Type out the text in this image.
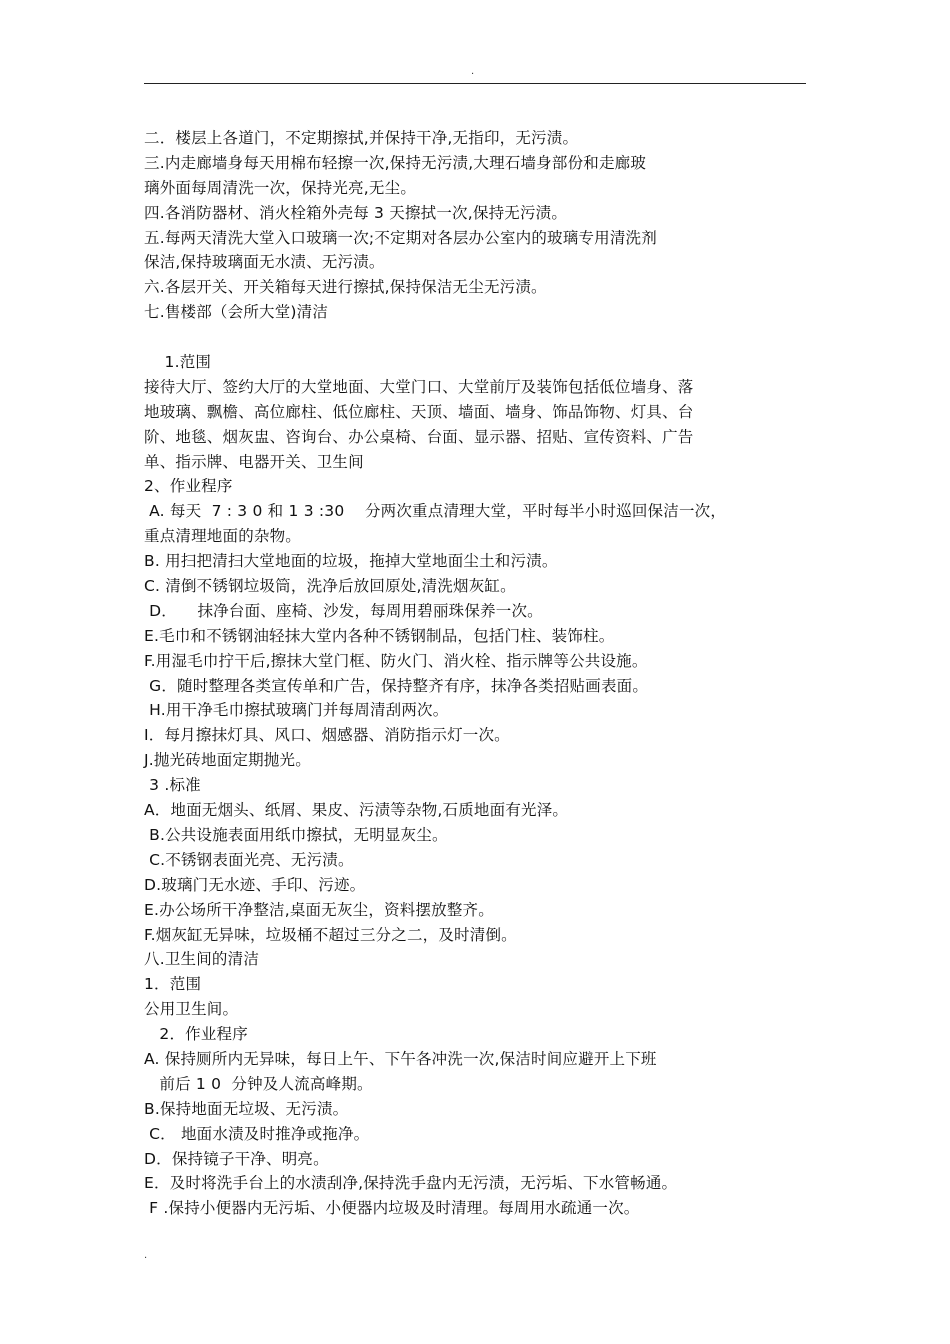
.
二．楼层上各道门，不定期擦拭,并保持干净,无指印，无污渍。
三.内走廊墙身每天用棉布轻擦一次,保持无污渍,大理石墙身部份和走廊玻
璃外面每周清洗一次，保持光亮,无尘。
四.各消防器材、消火栓箱外壳每 3 天擦拭一次,保持无污渍。
五.每两天清洗大堂入口玻璃一次;不定期对各层办公室内的玻璃专用清洗剂
保洁,保持玻璃面无水渍、无污渍。
六.各层开关、开关箱每天进行擦拭,保持保洁无尘无污渍。
七.售楼部（会所大堂)清洁
1.范围
接待大厅、签约大厅的大堂地面、大堂门口、大堂前厅及装饰包括低位墙身、落
地玻璃、飘檐、高位廊柱、低位廊柱、天顶、墙面、墙身、饰品饰物、灯具、台
阶、地毯、烟灰盅、咨询台、办公桌椅、台面、显示器、招贴、宣传资料、广告
单、指示牌、电器开关、卫生间
2、作业程序
A. 每天  7 : 3 0 和 1 3 :30    分两次重点清理大堂，平时每半小时巡回保洁一次，
重点清理地面的杂物。
B. 用扫把清扫大堂地面的垃圾，拖掉大堂地面尘土和污渍。
C. 清倒不锈钢垃圾筒，洗净后放回原处,清洗烟灰缸。
D．    抹净台面、座椅、沙发，每周用碧丽珠保养一次。
E.毛巾和不锈钢油轻抹大堂内各种不锈钢制品，包括门柱、装饰柱。
F.用湿毛巾拧干后,擦抹大堂门框、防火门、消火栓、指示牌等公共设施。
G．随时整理各类宣传单和广告，保持整齐有序，抹净各类招贴画表面。
H.用干净毛巾擦拭玻璃门并每周清刮两次。
I．每月擦抹灯具、风口、烟感器、消防指示灯一次。
J.抛光砖地面定期抛光。
3 .标准
A．地面无烟头、纸屑、果皮、污渍等杂物,石质地面有光泽。
B.公共设施表面用纸巾擦拭，无明显灰尘。
C.不锈钢表面光亮、无污渍。
D.玻璃门无水迹、手印、污迹。
E.办公场所干净整洁,桌面无灰尘，资料摆放整齐。
F.烟灰缸无异味，垃圾桶不超过三分之二，及时清倒。
八.卫生间的清洁
1．范围
公用卫生间。
2．作业程序
A. 保持厕所内无异味，每日上午、下午各冲洗一次,保洁时间应避开上下班
前后 1 0  分钟及人流高峰期。
B.保持地面无垃圾、无污渍。
C． 地面水渍及时推净或拖净。
D．保持镜子干净、明亮。
E．及时将洗手台上的水渍刮净,保持洗手盘内无污渍，无污垢、下水管畅通。
F .保持小便器内无污垢、小便器内垃圾及时清理。每周用水疏通一次。
.
